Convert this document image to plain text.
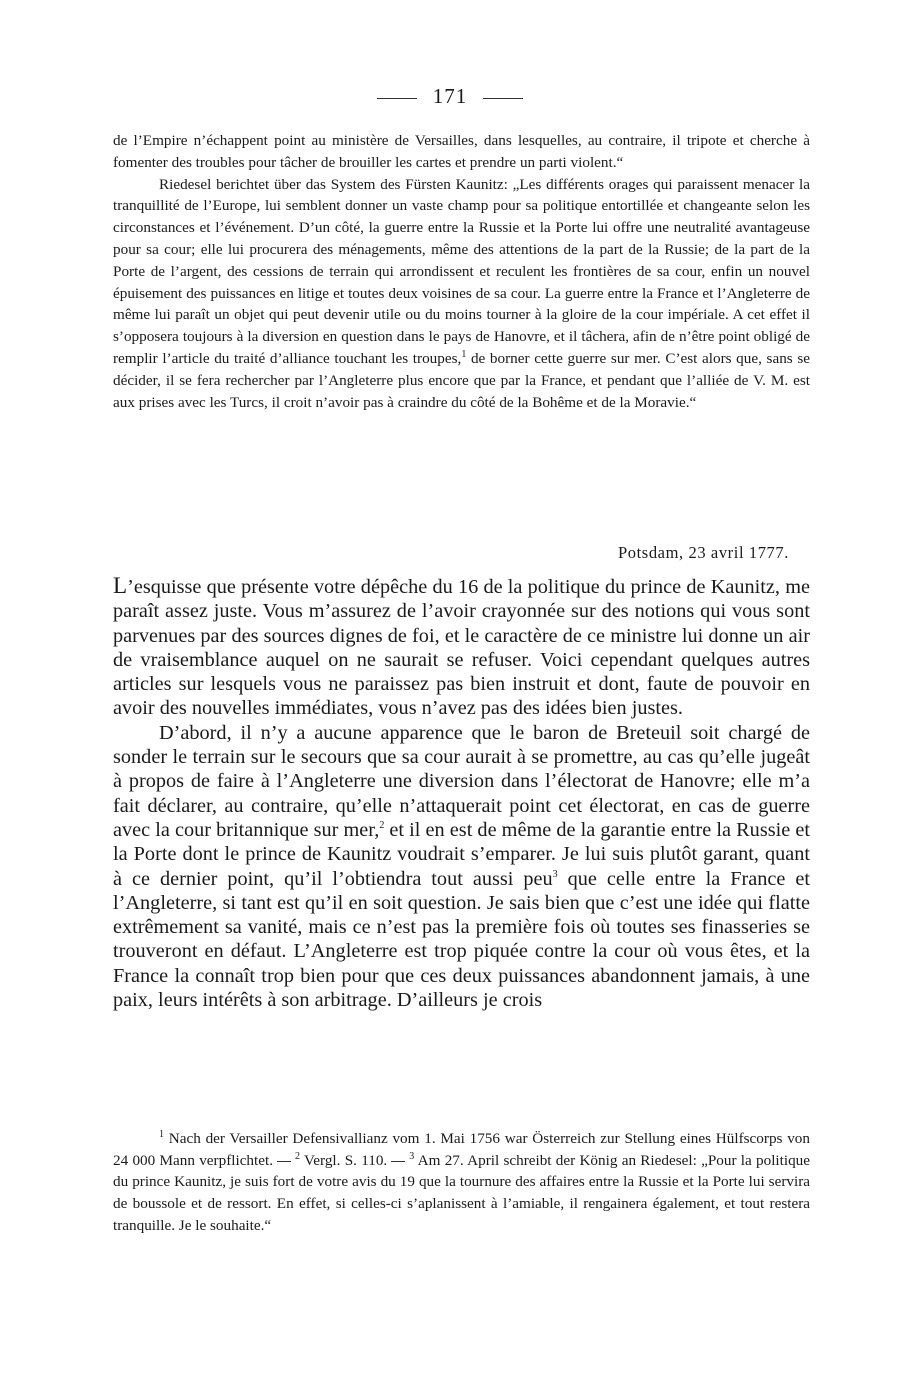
171

de l’Empire n’échappent point au ministère de Versailles, dans lesquelles, au contraire, il tripote et cherche à fomenter des troubles pour tâcher de brouiller les cartes et prendre un parti violent.“

Riedesel berichtet über das System des Fürsten Kaunitz: „Les différents orages qui paraissent menacer la tranquillité de l’Europe, lui semblent donner un vaste champ pour sa politique entortillée et changeante selon les circonstances et l’événement. D’un côté, la guerre entre la Russie et la Porte lui offre une neutralité avantageuse pour sa cour; elle lui procurera des ménagements, même des attentions de la part de la Russie; de la part de la Porte de l’argent, des cessions de terrain qui arrondissent et reculent les frontières de sa cour, enfin un nouvel épuisement des puissances en litige et toutes deux voisines de sa cour. La guerre entre la France et l’Angleterre de même lui paraît un objet qui peut devenir utile ou du moins tourner à la gloire de la cour impériale. A cet effet il s’opposera toujours à la diversion en question dans le pays de Hanovre, et il tâchera, afin de n’être point obligé de remplir l’article du traité d’alliance touchant les troupes,$^1$ de borner cette guerre sur mer. C’est alors que, sans se décider, il se fera rechercher par l’Angleterre plus encore que par la France, et pendant que l’alliée de V. M. est aux prises avec les Turcs, il croit n’avoir pas à craindre du côté de la Bohême et de la Moravie.“

Potsdam, 23 avril 1777.

L’esquisse que présente votre dépêche du 16 de la politique du prince de Kaunitz, me paraît assez juste. Vous m’assurez de l’avoir crayonnée sur des notions qui vous sont parvenues par des sources dignes de foi, et le caractère de ce ministre lui donne un air de vraisemblance auquel on ne saurait se refuser. Voici cependant quelques autres articles sur lesquels vous ne paraissez pas bien instruit et dont, faute de pouvoir en avoir des nouvelles immédiates, vous n’avez pas des idées bien justes.

D’abord, il n’y a aucune apparence que le baron de Breteuil soit chargé de sonder le terrain sur le secours que sa cour aurait à se promettre, au cas qu’elle jugeât à propos de faire à l’Angleterre une diversion dans l’électorat de Hanovre; elle m’a fait déclarer, au contraire, qu’elle n’attaquerait point cet électorat, en cas de guerre avec la cour britannique sur mer,$^2$ et il en est de même de la garantie entre la Russie et la Porte dont le prince de Kaunitz voudrait s’emparer. Je lui suis plutôt garant, quant à ce dernier point, qu’il l’obtiendra tout aussi peu$^3$ que celle entre la France et l’Angleterre, si tant est qu’il en soit question. Je sais bien que c’est une idée qui flatte extrêmement sa vanité, mais ce n’est pas la première fois où toutes ses finasseries se trouveront en défaut. L’Angleterre est trop piquée contre la cour où vous êtes, et la France la connaît trop bien pour que ces deux puissances abandonnent jamais, à une paix, leurs intérêts à son arbitrage. D’ailleurs je crois

$^1$ Nach der Versailler Defensivallianz vom 1. Mai 1756 war Österreich zur Stellung eines Hülfscorps von 24 000 Mann verpflichtet. $^2$ Vergl. S. 110. $^3$ Am 27. April schreibt der König an Riedesel: „Pour la politique du prince Kaunitz, je suis fort de votre avis du 19 que la tournure des affaires entre la Russie et la Porte lui servira de boussole et de ressort. En effet, si celles-ci s’aplanissent à l’amiable, il rengainera également, et tout restera tranquille. Je le souhaite.“
